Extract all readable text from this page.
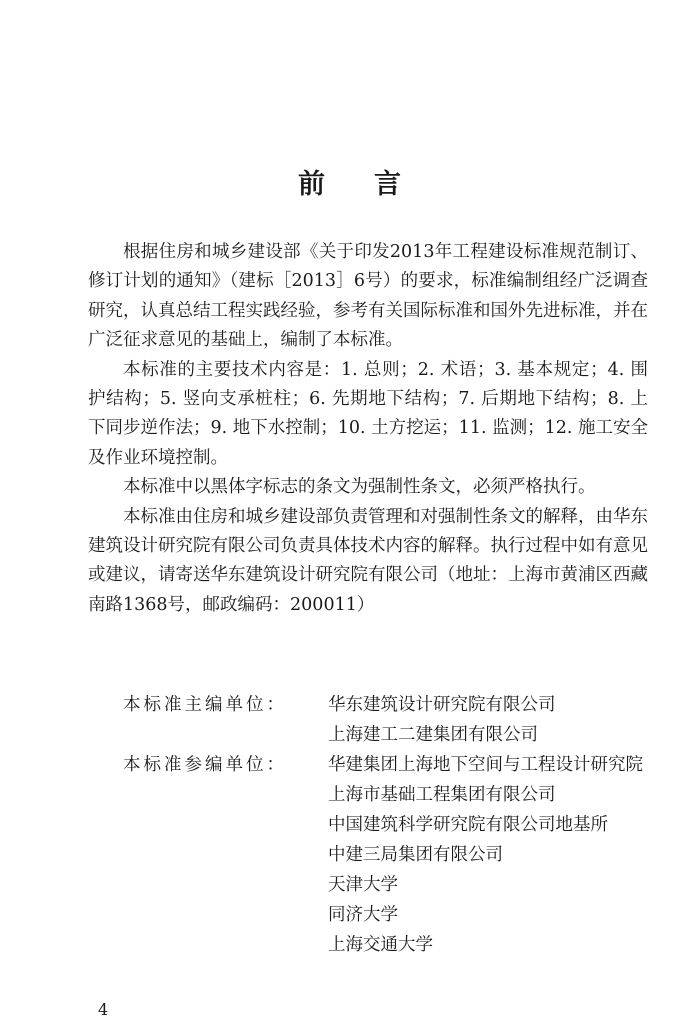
前 言

根据住房和城乡建设部《关于印发2013年工程建设标准规范制订、修订计划的通知》（建标［2013］6号）的要求，标准编制组经广泛调查研究，认真总结工程实践经验，参考有关国际标准和国外先进标准，并在广泛征求意见的基础上，编制了本标准。

本标准的主要技术内容是：1. 总则；2. 术语；3. 基本规定；4. 围护结构；5. 竖向支承桩柱；6. 先期地下结构；7. 后期地下结构；8. 上下同步逆作法；9. 地下水控制；10. 土方挖运；11. 监测；12. 施工安全及作业环境控制。

本标准中以黑体字标志的条文为强制性条文，必须严格执行。

本标准由住房和城乡建设部负责管理和对强制性条文的解释，由华东建筑设计研究院有限公司负责具体技术内容的解释。执行过程中如有意见或建议，请寄送华东建筑设计研究院有限公司（地址：上海市黄浦区西藏南路1368号，邮政编码：200011）

本标准主编单位：	华东建筑设计研究院有限公司
上海建工二建集团有限公司
本标准参编单位：	华建集团上海地下空间与工程设计研究院
上海市基础工程集团有限公司
中国建筑科学研究院有限公司地基所
中建三局集团有限公司
天津大学
同济大学
上海交通大学
4
